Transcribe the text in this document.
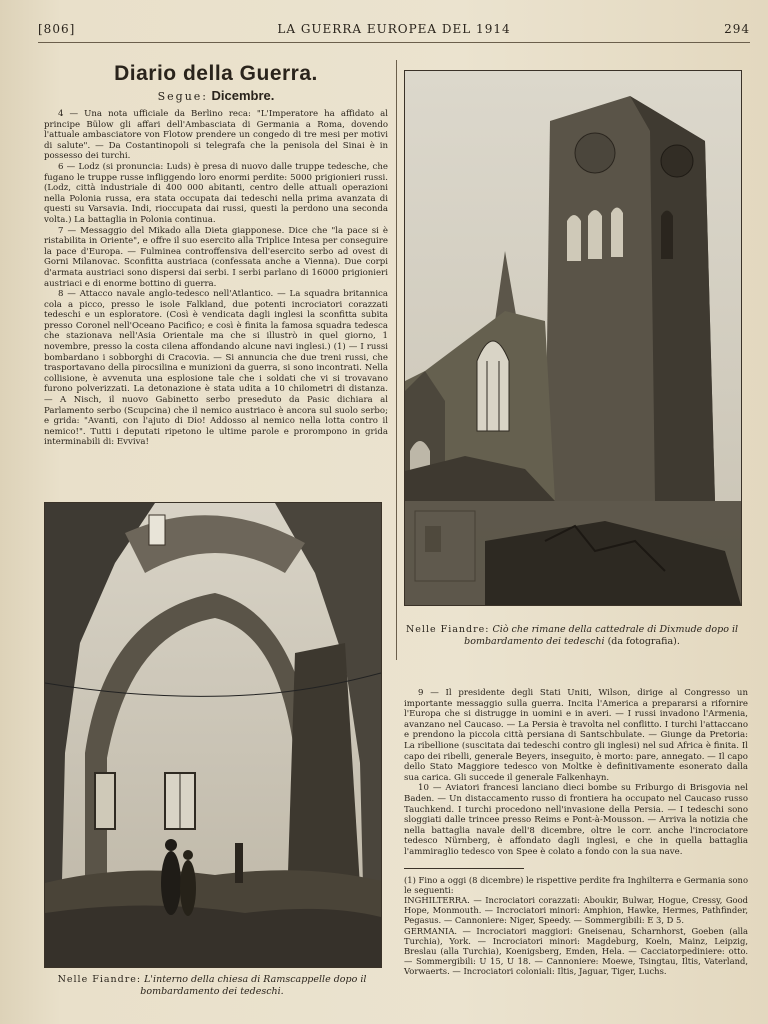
[806]	LA GUERRA EUROPEA DEL 1914	294
Diario della Guerra.
Segue: Dicembre.

4 — Una nota ufficiale da Berlino reca: "L'Imperatore ha affidato al principe Bülow gli affari dell'Ambasciata di Germania a Roma, dovendo l'attuale ambasciatore von Flotow prendere un congedo di tre mesi per motivi di salute". — Da Costantinopoli si telegrafa che la penisola del Sinai è in possesso dei turchi.

6 — Lodz (si pronuncia: Luds) è presa di nuovo dalle truppe tedesche, che fugano le truppe russe infliggendo loro enormi perdite: 5000 prigionieri russi. (Lodz, città industriale di 400 000 abitanti, centro delle attuali operazioni nella Polonia russa, era stata occupata dai tedeschi nella prima avanzata di questi su Varsavia. Indi, rioccupata dai russi, questi la perdono una seconda volta.) La battaglia in Polonia continua.

7 — Messaggio del Mikado alla Dieta giapponese. Dice che "la pace si è ristabilita in Oriente", e offre il suo esercito alla Triplice Intesa per conseguire la pace d'Europa. — Fulminea controffensiva dell'esercito serbo ad ovest di Gorni Milanovac. Sconfitta austriaca (confessata anche a Vienna). Due corpi d'armata austriaci sono dispersi dai serbi. I serbi parlano di 16000 prigionieri austriaci e di enorme bottino di guerra.

8 — Attacco navale anglo-tedesco nell'Atlantico. — La squadra britannica cola a picco, presso le isole Falkland, due potenti incrociatori corazzati tedeschi e un esploratore. (Così è vendicata dagli inglesi la sconfitta subita presso Coronel nell'Oceano Pacifico; e così è finita la famosa squadra tedesca che stazionava nell'Asia Orientale ma che si illustrò in quel giorno, 1 novembre, presso la costa cilena affondando alcune navi inglesi.) (1) — I russi bombardano i sobborghi di Cracovia. — Si annuncia che due treni russi, che trasportavano della pirocsilina e munizioni da guerra, si sono incontrati. Nella collisione, è avvenuta una esplosione tale che i soldati che vi si trovavano furono polverizzati. La detonazione è stata udita a 10 chilometri di distanza. — A Nisch, il nuovo Gabinetto serbo preseduto da Pasic dichiara al Parlamento serbo (Scupcina) che il nemico austriaco è ancora sul suolo serbo; e grida: "Avanti, con l'ajuto di Dio! Addosso al nemico nella lotta contro il nemico!". Tutti i deputati ripetono le ultime parole e prorompono in grida interminabili di: Evviva!

Nelle Fiandre: L'interno della chiesa di Ramscappelle dopo il bombardamento dei tedeschi.
Nelle Fiandre: Ciò che rimane della cattedrale di Dixmude dopo il bombardamento dei tedeschi (da fotografia).

9 — Il presidente degli Stati Uniti, Wilson, dirige al Congresso un importante messaggio sulla guerra. Incita l'America a prepararsi a rifornire l'Europa che si distrugge in uomini e in averi. — I russi invadono l'Armenia, avanzano nel Caucaso. — La Persia è travolta nel conflitto. I turchi l'attaccano e prendono la piccola città persiana di Santschbulate. — Giunge da Pretoria: La ribellione (suscitata dai tedeschi contro gli inglesi) nel sud Africa è finita. Il capo dei ribelli, generale Beyers, inseguito, è morto: pare, annegato. — Il capo dello Stato Maggiore tedesco von Moltke è definitivamente esonerato dalla sua carica. Gli succede il generale Falkenhayn.

10 — Aviatori francesi lanciano dieci bombe su Friburgo di Brisgovia nel Baden. — Un distaccamento russo di frontiera ha occupato nel Caucaso russo Tauchkend. I turchi procedono nell'invasione della Persia. — I tedeschi sono sloggiati dalle trincee presso Reims e Pont-à-Mousson. — Arriva la notizia che nella battaglia navale dell'8 dicembre, oltre le corr. anche l'incrociatore tedesco Nürnberg, è affondato dagli inglesi, e che in quella battaglia l'ammiraglio tedesco von Spee è colato a fondo con la sua nave.

(1) Fino a oggi (8 dicembre) le rispettive perdite fra Inghilterra e Germania sono le seguenti:

INGHILTERRA. — Incrociatori corazzati: Aboukir, Bulwar, Hogue, Cressy, Good Hope, Monmouth. — Incrociatori minori: Amphion, Hawke, Hermes, Pathfinder, Pegasus. — Cannoniere: Niger, Speedy. — Sommergibili: E 3, D 5.

GERMANIA. — Incrociatori maggiori: Gneisenau, Scharnhorst, Goeben (alla Turchia), York. — Incrociatori minori: Magdeburg, Koeln, Mainz, Leipzig, Breslau (alla Turchia), Koenigsberg, Emden, Hela. — Cacciatorpediniere: otto. — Sommergibili: U 15, U 18. — Cannoniere: Moewe, Tsingtau, Iltis, Vaterland, Vorwaerts. — Incrociatori coloniali: Iltis, Jaguar, Tiger, Luchs.
